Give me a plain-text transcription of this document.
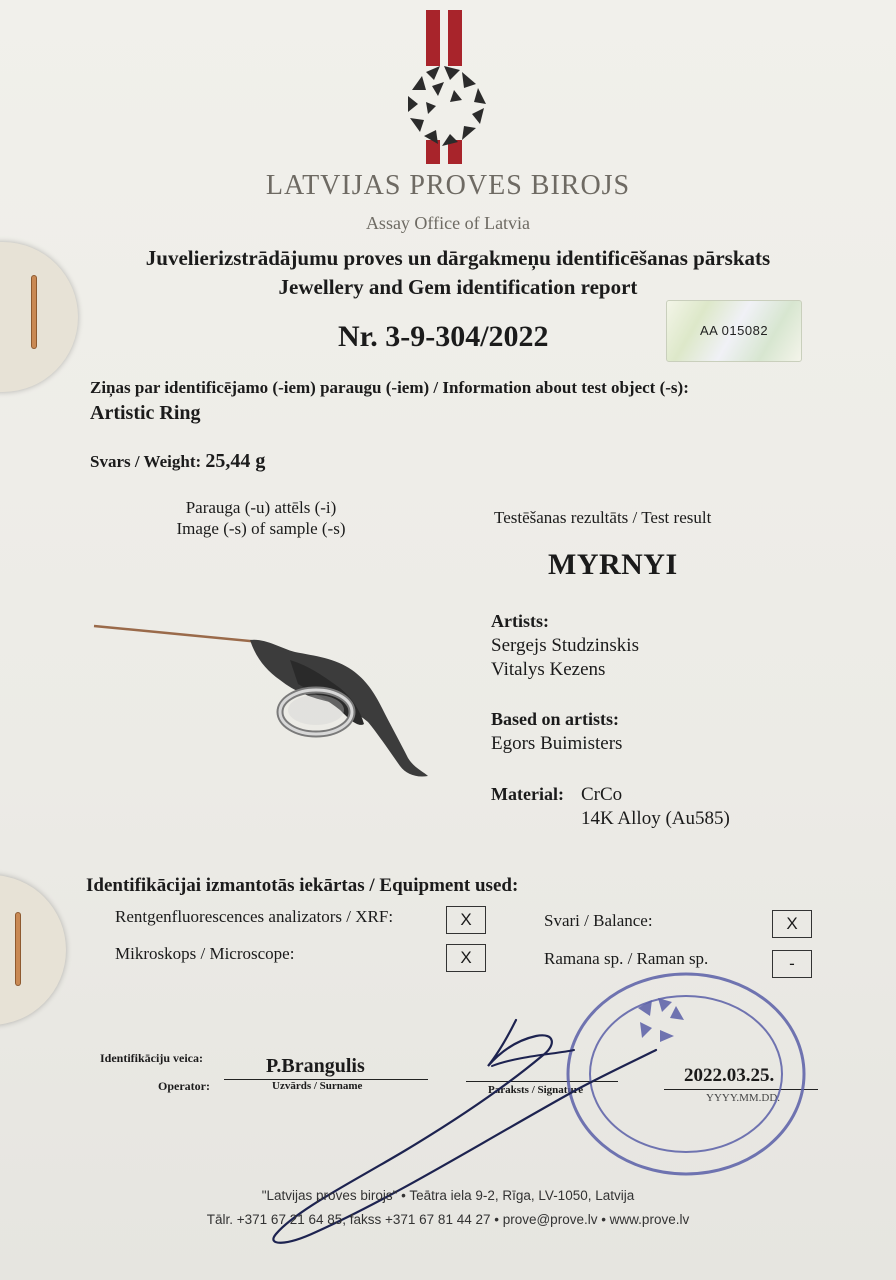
LATVIJAS PROVES BIROJS
Assay Office of Latvia
Juvelierizstrādājumu proves un dārgakmeņu identificēšanas pārskats
Jewellery and Gem identification report
Nr. 3-9-304/2022	AA 015082
Ziņas par identificējamo (-iem) paraugu (-iem) / Information about test object (-s):
Artistic Ring
Svars / Weight: 25,44 g
Parauga (-u) attēls (-i)
Image (-s) of sample (-s)
Testēšanas rezultāts / Test result
MYRNYI
Artists:
Sergejs Studzinskis
Vitalys Kezens
Based on artists:
Egors Buimisters
Material: CrCo
14K Alloy (Au585)
Identifikācijai izmantotās iekārtas / Equipment used:
Rentgenfluorescences analizators / XRF:	X	Svari / Balance:	X
Mikroskops / Microscope:	X	Ramana sp. / Raman sp.	-
Identifikāciju veica:
Operator:
P.Brangulis
Uzvārds / Surname	Paraksts / Signature
2022.03.25.
YYYY.MM.DD.
"Latvijas proves birojs" • Teātra iela 9-2, Rīga, LV-1050, Latvija
Tālr. +371 67 21 64 85, fakss +371 67 81 44 27 • prove@prove.lv • www.prove.lv
